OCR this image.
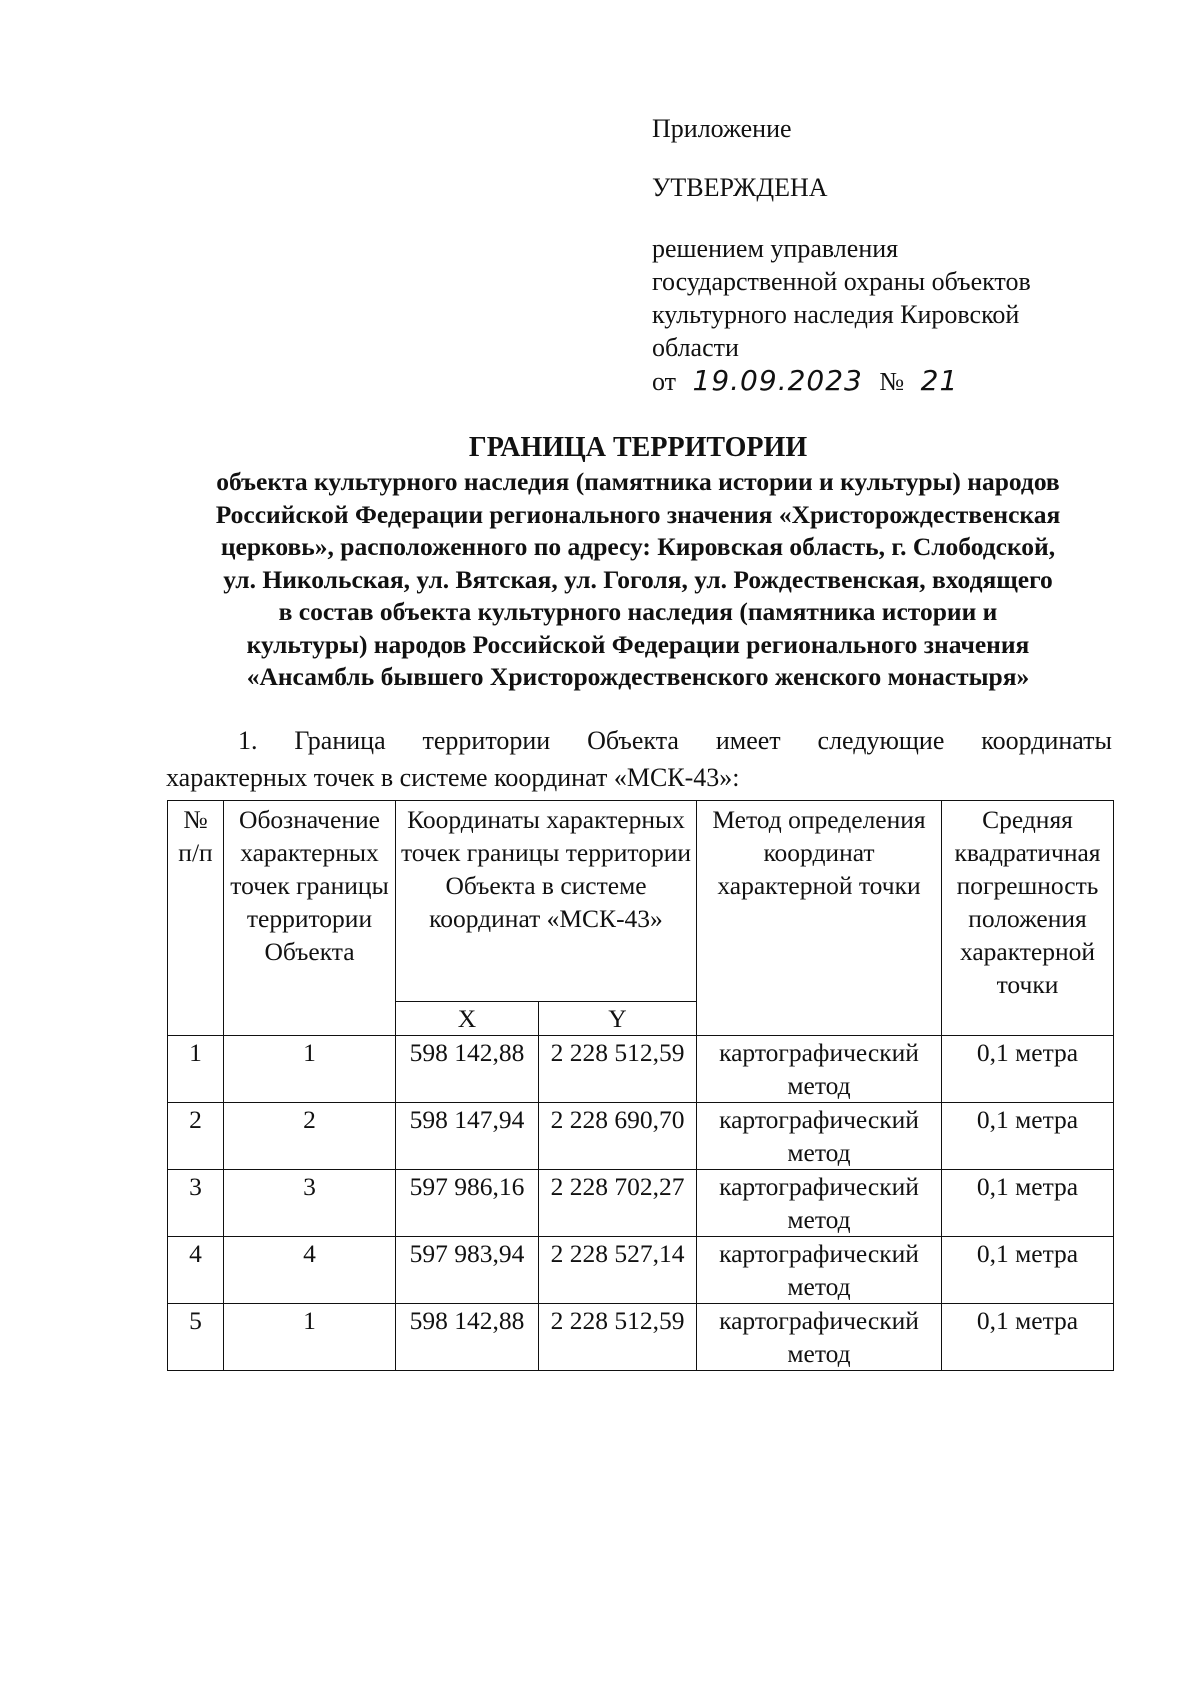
Приложение
УТВЕРЖДЕНА
решением управления
государственной охраны объектов
культурного наследия Кировской
области
от 19.09.2023 № 21
ГРАНИЦА ТЕРРИТОРИИ
объекта культурного наследия (памятника истории и культуры) народов
Российской Федерации регионального значения «Христорождественская
церковь», расположенного по адресу: Кировская область, г. Слободской,
ул. Никольская, ул. Вятская, ул. Гоголя, ул. Рождественская, входящего
в состав объекта культурного наследия (памятника истории и
культуры) народов Российской Федерации регионального значения
«Ансамбль бывшего Христорождественского женского монастыря»
1. Граница территории Объекта имеет следующие координаты
характерных точек в системе координат «МСК-43»:
№ п/п	Обозначение характерных точек границы территории Объекта	Координаты характерных точек границы территории Объекта в системе координат «МСК-43»		Метод определения координат характерной точки	Средняя квадратичная погрешность положения характерной точки
		X	Y		
1	1	598 142,88	2 228 512,59	картографический метод	0,1 метра
2	2	598 147,94	2 228 690,70	картографический метод	0,1 метра
3	3	597 986,16	2 228 702,27	картографический метод	0,1 метра
4	4	597 983,94	2 228 527,14	картографический метод	0,1 метра
5	1	598 142,88	2 228 512,59	картографический метод	0,1 метра
